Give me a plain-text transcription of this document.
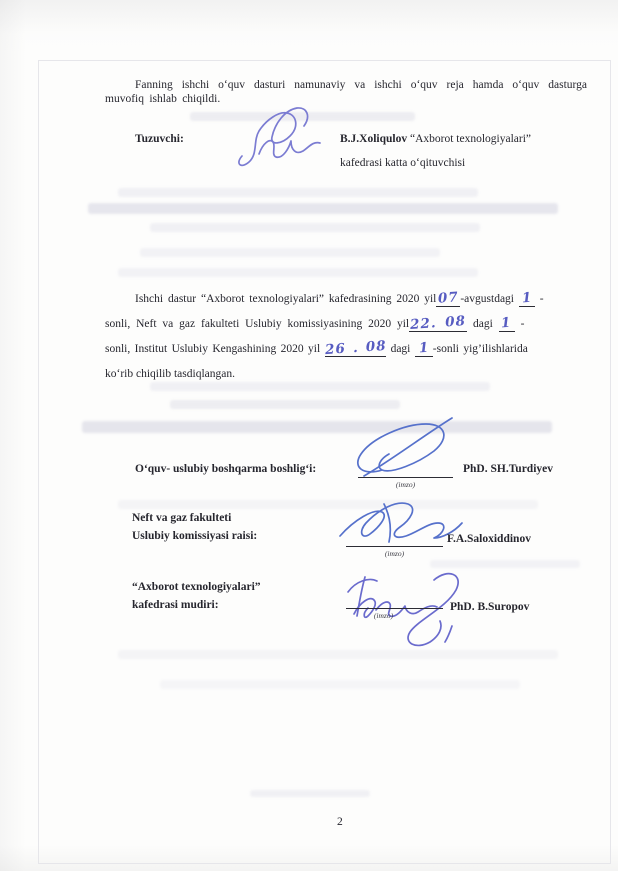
Fanning ishchi o‘quv dasturi namunaviy va ishchi o‘quv reja hamda o‘quv dasturga muvofiq ishlab chiqildi.
Tuzuvchi:	B.J.Xoliqulov “Axborot texnologiyalari”
kafedrasi katta o‘qituvchisi
Ishchi dastur “Axborot texnologiyalari” kafedrasining 2020 yil07-avgustdagi 1 -
sonli, Neft va gaz fakulteti Uslubiy komissiyasining 2020 yil22. 08 dagi 1 -
sonli, Institut Uslubiy Kengashining 2020 yil 26 . 08 dagi 1 -sonli yig’ilishlarida
ko‘rib chiqilib tasdiqlangan.
O‘quv- uslubiy boshqarma boshlig‘i:
(imzo)
PhD. SH.Turdiyev
Neft va gaz fakulteti
Uslubiy komissiyasi raisi:
(imzo)
F.A.Saloxiddinov
“Axborot texnologiyalari”
kafedrasi mudiri:
(imzo)
PhD. B.Suropov
2
